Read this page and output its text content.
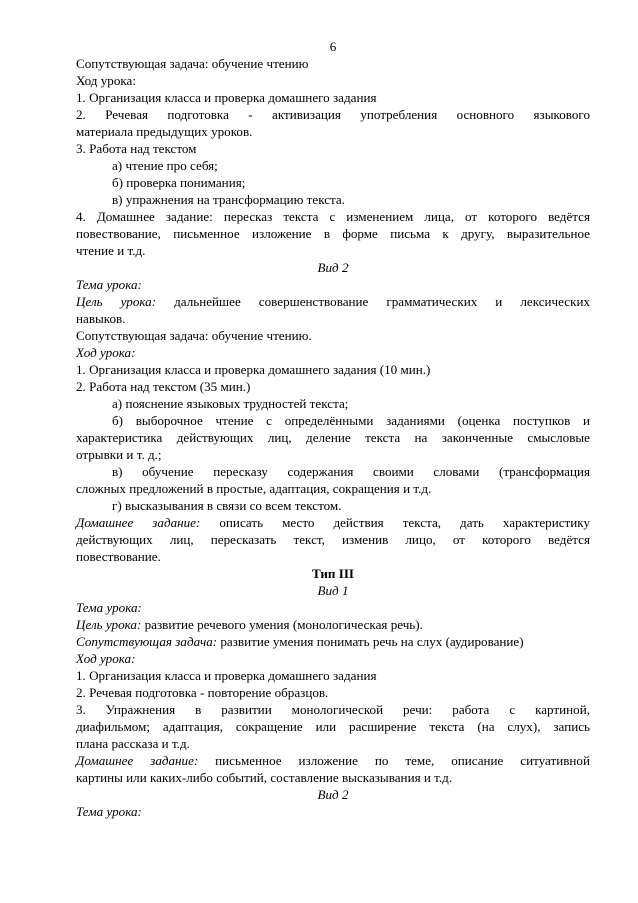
6
Сопутствующая задача: обучение чтению
Ход урока:
1. Организация класса и проверка домашнего задания
2. Речевая подготовка - активизация употребления основного языкового
материала предыдущих уроков.
3. Работа над текстом
а) чтение про себя;
б) проверка понимания;
в) упражнения на трансформацию текста.
4. Домашнее задание: пересказ текста с изменением лица, от которого ведётся
повествование, письменное изложение в форме письма к другу, выразительное
чтение и т.д.
Вид 2
Тема урока:
Цель урока: дальнейшее совершенствование грамматических и лексических
навыков.
Сопутствующая задача: обучение чтению.
Ход урока:
1. Организация класса и проверка домашнего задания (10 мин.)
2. Работа над текстом (35 мин.)
а) пояснение языковых трудностей текста;
б) выборочное чтение с определёнными заданиями (оценка поступков и
характеристика действующих лиц, деление текста на законченные смысловые
отрывки и т. д.;
в) обучение пересказу содержания своими словами (трансформация
сложных предложений в простые, адаптация, сокращения и т.д.
г) высказывания в связи со всем текстом.
Домашнее задание: описать место действия текста, дать характеристику
действующих лиц, пересказать текст, изменив лицо, от которого ведётся
повествование.
Тип III
Вид 1
Тема урока:
Цель урока: развитие речевого умения (монологическая речь).
Сопутствующая задача: развитие умения понимать речь на слух (аудирование)
Ход урока:
1. Организация класса и проверка домашнего задания
2. Речевая подготовка - повторение образцов.
3. Упражнения в развитии монологической речи: работа с картиной,
диафильмом; адаптация, сокращение или расширение текста (на слух), запись
плана рассказа и т.д.
Домашнее задание: письменное изложение по теме, описание ситуативной
картины или каких-либо событий, составление высказывания и т.д.
Вид 2
Тема урока:
